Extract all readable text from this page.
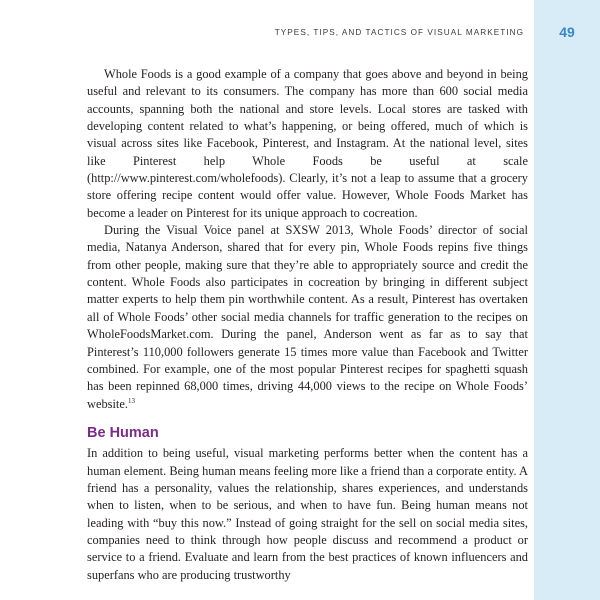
TYPES, TIPS, AND TACTICS OF VISUAL MARKETING	49

Whole Foods is a good example of a company that goes above and beyond in being useful and relevant to its consumers. The company has more than 600 social media accounts, spanning both the national and store levels. Local stores are tasked with developing content related to what’s happening, or being offered, much of which is visual across sites like Facebook, Pinterest, and Instagram. At the national level, sites like Pinterest help Whole Foods be useful at scale (http://www.pinterest.com/wholefoods). Clearly, it’s not a leap to assume that a grocery store offering recipe content would offer value. However, Whole Foods Market has become a leader on Pinterest for its unique approach to cocreation.

During the Visual Voice panel at SXSW 2013, Whole Foods’ director of social media, Natanya Anderson, shared that for every pin, Whole Foods repins five things from other people, making sure that they’re able to appropriately source and credit the content. Whole Foods also participates in cocreation by bringing in different subject matter experts to help them pin worthwhile content. As a result, Pinterest has overtaken all of Whole Foods’ other social media channels for traffic generation to the recipes on WholeFoodsMarket.com. During the panel, Anderson went as far as to say that Pinterest’s 110,000 followers generate 15 times more value than Facebook and Twitter combined. For example, one of the most popular Pinterest recipes for spaghetti squash has been repinned 68,000 times, driving 44,000 views to the recipe on Whole Foods’ website.$^{13}$

Be Human

In addition to being useful, visual marketing performs better when the content has a human element. Being human means feeling more like a friend than a corporate entity. A friend has a personality, values the relationship, shares experiences, and understands when to listen, when to be serious, and when to have fun. Being human means not leading with “buy this now.” Instead of going straight for the sell on social media sites, companies need to think through how people discuss and recommend a product or service to a friend. Evaluate and learn from the best practices of known influencers and superfans who are producing trustworthy
